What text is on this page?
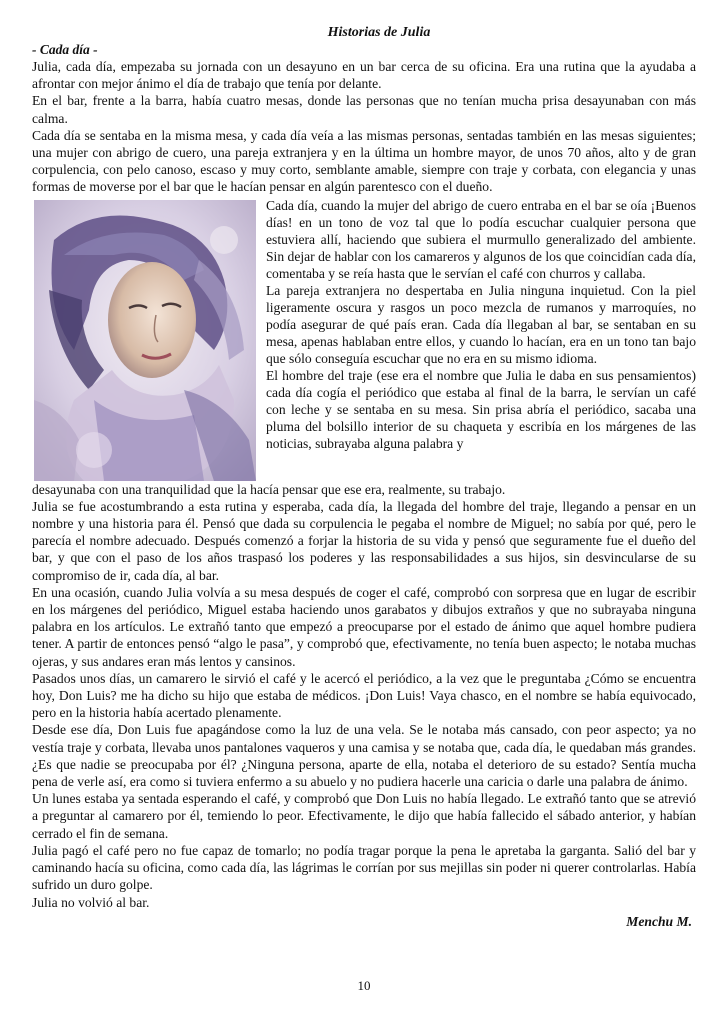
Historias de Julia

- Cada día -

Julia, cada día, empezaba su jornada con un desayuno en un bar cerca de su oficina. Era una rutina que la ayudaba a afrontar con mejor ánimo el día de trabajo que tenía por delante.

En el bar, frente a la barra, había cuatro mesas, donde las personas que no tenían mucha prisa desayunaban con más calma.

Cada día se sentaba en la misma mesa, y cada día veía a las mismas personas, sentadas también en las mesas siguientes; una mujer con abrigo de cuero, una pareja extranjera y en la última un hombre mayor, de unos 70 años, alto y de gran corpulencia, con pelo canoso, escaso y muy corto, semblante amable, siempre con traje y corbata, con elegancia y unas formas de moverse por el bar que le hacían pensar en algún parentesco con el dueño.

Cada día, cuando la mujer del abrigo de cuero entraba en el bar se oía ¡Buenos días! en un tono de voz tal que lo podía escuchar cualquier persona que estuviera allí, haciendo que subiera el murmullo generalizado del ambiente. Sin dejar de hablar con los camareros y algunos de los que coincidían cada día, comentaba y se reía hasta que le servían el café con churros y callaba.

La pareja extranjera no despertaba en Julia ninguna inquietud. Con la piel ligeramente oscura y rasgos un poco mezcla de rumanos y marroquíes, no podía asegurar de qué país eran. Cada día llegaban al bar, se sentaban en su mesa, apenas hablaban entre ellos, y cuando lo hacían, era en un tono tan bajo que sólo conseguía escuchar que no era en su mismo idioma.

El hombre del traje (ese era el nombre que Julia le daba en sus pensamientos) cada día cogía el periódico que estaba al final de la barra, le servían un café con leche y se sentaba en su mesa. Sin prisa abría el periódico, sacaba una pluma del bolsillo interior de su chaqueta y escribía en los márgenes de las noticias, subrayaba alguna palabra y

desayunaba con una tranquilidad que la hacía pensar que ese era, realmente, su trabajo.

Julia se fue acostumbrando a esta rutina y esperaba, cada día, la llegada del hombre del traje, llegando a pensar en un nombre y una historia para él. Pensó que dada su corpulencia le pegaba el nombre de Miguel; no sabía por qué, pero le parecía el nombre adecuado. Después comenzó a forjar la historia de su vida y pensó que seguramente fue el dueño del bar, y que con el paso de los años traspasó los poderes y las responsabilidades a sus hijos, sin desvincularse de su compromiso de ir, cada día, al bar.

En una ocasión, cuando Julia volvía a su mesa después de coger el café, comprobó con sorpresa que en lugar de escribir en los márgenes del periódico, Miguel estaba haciendo unos garabatos y dibujos extraños y que no subrayaba ninguna palabra en los artículos. Le extrañó tanto que empezó a preocuparse por el estado de ánimo que aquel hombre pudiera tener. A partir de entonces pensó “algo le pasa”, y comprobó que, efectivamente, no tenía buen aspecto; le notaba muchas ojeras, y sus andares eran más lentos y cansinos.

Pasados unos días, un camarero le sirvió el café y le acercó el periódico, a la vez que le preguntaba ¿Cómo se encuentra hoy, Don Luis? me ha dicho su hijo que estaba de médicos. ¡Don Luis! Vaya chasco, en el nombre se había equivocado, pero en la historia había acertado plenamente.

Desde ese día, Don Luis fue apagándose como la luz de una vela. Se le notaba más cansado, con peor aspecto; ya no vestía traje y corbata, llevaba unos pantalones vaqueros y una camisa y se notaba que, cada día, le quedaban más grandes. ¿Es que nadie se preocupaba por él? ¿Ninguna persona, aparte de ella, notaba el deterioro de su estado? Sentía mucha pena de verle así, era como si tuviera enfermo a su abuelo y no pudiera hacerle una caricia o darle una palabra de ánimo.

Un lunes estaba ya sentada esperando el café, y comprobó que Don Luis no había llegado. Le extrañó tanto que se atrevió a preguntar al camarero por él, temiendo lo peor. Efectivamente, le dijo que había fallecido el sábado anterior, y habían cerrado el fin de semana.

Julia pagó el café pero no fue capaz de tomarlo; no podía tragar porque la pena le apretaba la garganta. Salió del bar y caminando hacía su oficina, como cada día, las lágrimas le corrían por sus mejillas sin poder ni querer controlarlas. Había sufrido un duro golpe.

Julia no volvió al bar.

Menchu M.

10
